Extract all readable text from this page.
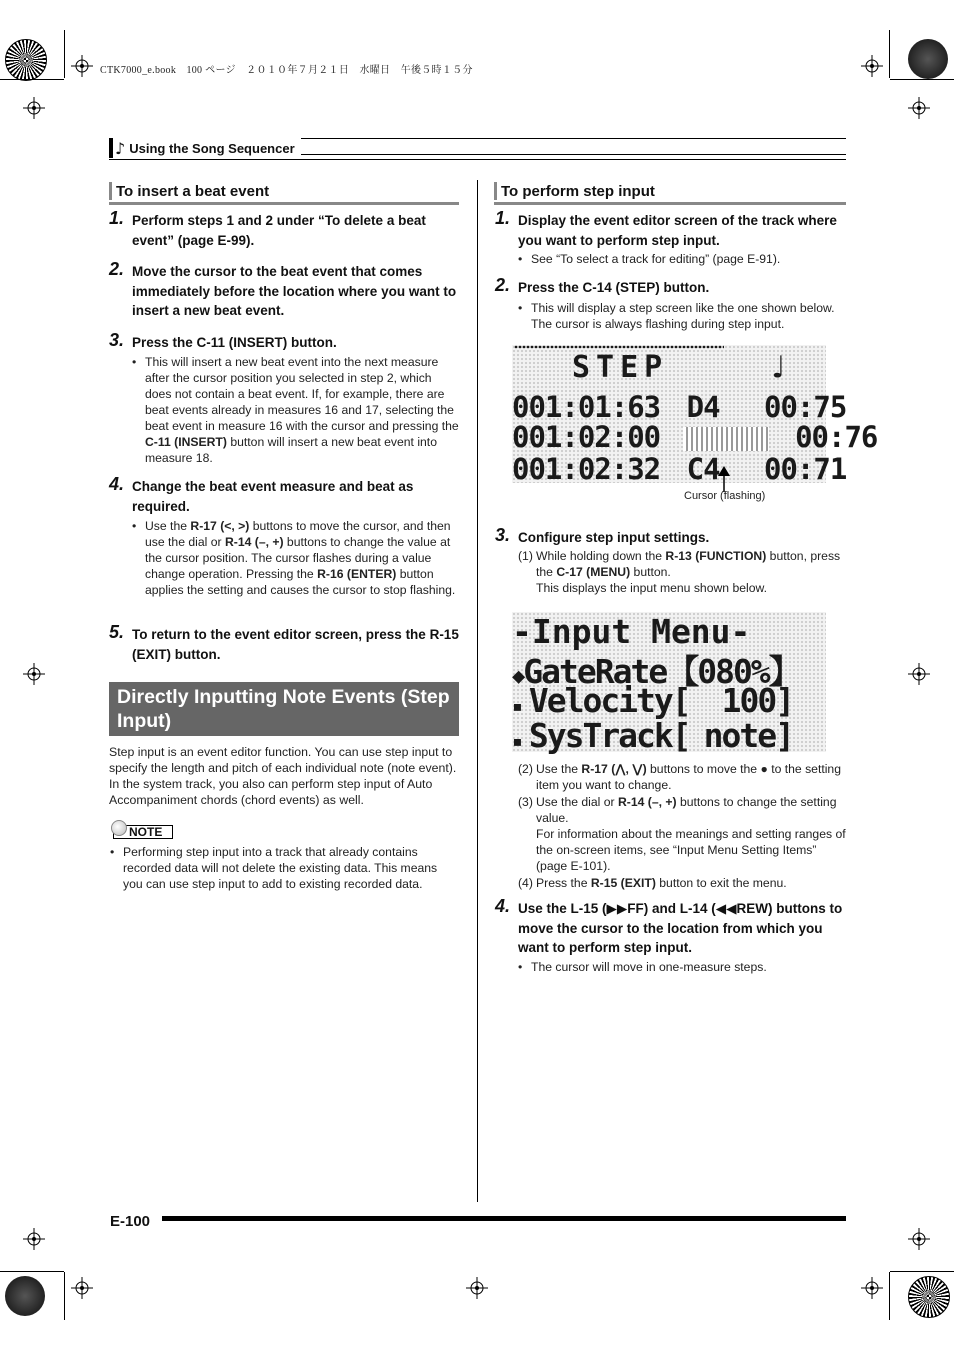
CTK7000_e.book　100 ページ　２０１０年７月２１日　水曜日　午後５時１５分
♪ Using the Song Sequencer
To insert a beat event
1. Perform steps 1 and 2 under “To delete a beat event” (page E-99).
2. Move the cursor to the beat event that comes immediately before the location where you want to insert a new beat event.
3. Press the C-11 (INSERT) button.
• This will insert a new beat event into the next measure after the cursor position you selected in step 2, which does not contain a beat event. If, for example, there are beat events already in measures 16 and 17, selecting the beat event in measure 16 with the cursor and pressing the C-11 (INSERT) button will insert a new beat event into measure 18.
4. Change the beat event measure and beat as required.
• Use the R-17 (<, >) buttons to move the cursor, and then use the dial or R-14 (–, +) buttons to change the value at the cursor position. The cursor flashes during a value change operation. Pressing the R-16 (ENTER) button applies the setting and causes the cursor to stop flashing.
5. To return to the event editor screen, press the R-15 (EXIT) button.
Directly Inputting Note Events (Step Input)
Step input is an event editor function. You can use step input to specify the length and pitch of each individual note (note event). In the system track, you also can perform step input of Auto Accompaniment chords (chord events) as well.
NOTE
• Performing step input into a track that already contains recorded data will not delete the existing data. This means you can use step input to add to existing recorded data.
To perform step input
1. Display the event editor screen of the track where you want to perform step input.
• See “To select a track for editing” (page E-91).
2. Press the C-14 (STEP) button.
• This will display a step screen like the one shown below. The cursor is always flashing during step input.
STEP	♩
001:01:63 D4 00:75
001:02:00	00:76
001:02:32 C4 00:71
Cursor (flashing)
3. Configure step input settings.
(1) While holding down the R-13 (FUNCTION) button, press the C-17 (MENU) button.
This displays the input menu shown below.
-Input Menu-
◆GateRate【080%】
▪ Velocity[ 100]
▪ SysTrack[ note]
(2) Use the R-17 (⋀, ⋁) buttons to move the ● to the setting item you want to change.
(3) Use the dial or R-14 (–, +) buttons to change the setting value.
For information about the meanings and setting ranges of the on-screen items, see “Input Menu Setting Items” (page E-101).
(4) Press the R-15 (EXIT) button to exit the menu.
4. Use the L-15 (▶▶FF) and L-14 (◀◀REW) buttons to move the cursor to the location from which you want to perform step input.
• The cursor will move in one-measure steps.
E-100
